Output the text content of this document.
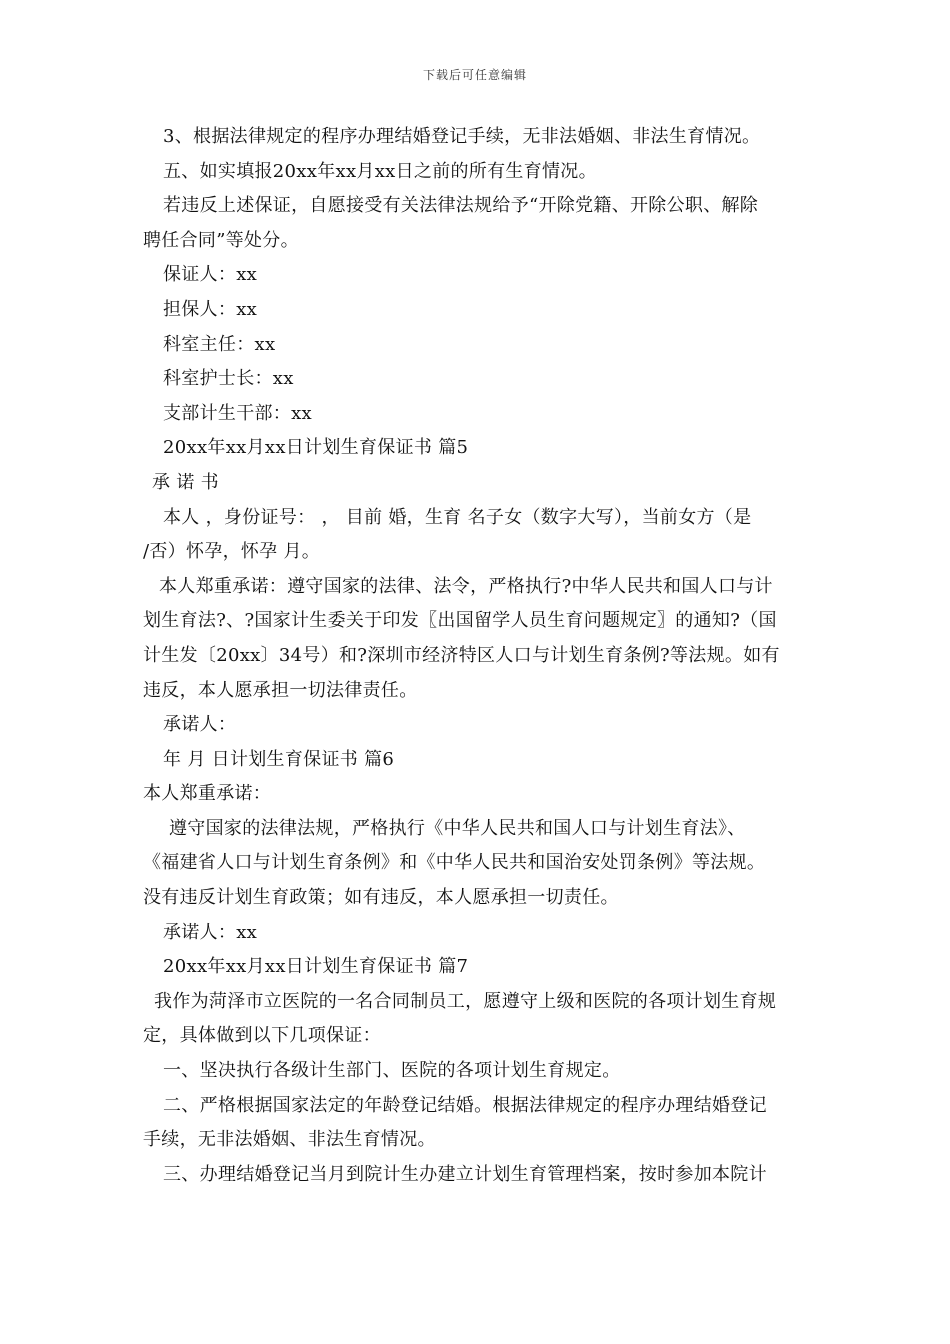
下载后可任意编辑
3、根据法律规定的程序办理结婚登记手续，无非法婚姻、非法生育情况。
五、如实填报20xx年xx月xx日之前的所有生育情况。
若违反上述保证，自愿接受有关法律法规给予“开除党籍、开除公职、解除
聘任合同”等处分。
保证人：xx
担保人：xx
科室主任：xx
科室护士长：xx
支部计生干部：xx
20xx年xx月xx日计划生育保证书 篇5
承 诺 书
本人 ，身份证号： ， 目前 婚，生育 名子女（数字大写），当前女方（是
/否）怀孕，怀孕 月。
本人郑重承诺：遵守国家的法律、法令，严格执行?中华人民共和国人口与计
划生育法?、?国家计生委关于印发〖出国留学人员生育问题规定〗的通知?（国
计生发〔20xx〕34号）和?深圳市经济特区人口与计划生育条例?等法规。如有
违反，本人愿承担一切法律责任。
承诺人：
年 月 日计划生育保证书 篇6
本人郑重承诺：
遵守国家的法律法规，严格执行《中华人民共和国人口与计划生育法》、
《福建省人口与计划生育条例》和《中华人民共和国治安处罚条例》等法规。
没有违反计划生育政策；如有违反，本人愿承担一切责任。
承诺人：xx
20xx年xx月xx日计划生育保证书 篇7
我作为菏泽市立医院的一名合同制员工，愿遵守上级和医院的各项计划生育规
定，具体做到以下几项保证：
一、坚决执行各级计生部门、医院的各项计划生育规定。
二、严格根据国家法定的年龄登记结婚。根据法律规定的程序办理结婚登记
手续，无非法婚姻、非法生育情况。
三、办理结婚登记当月到院计生办建立计划生育管理档案，按时参加本院计
